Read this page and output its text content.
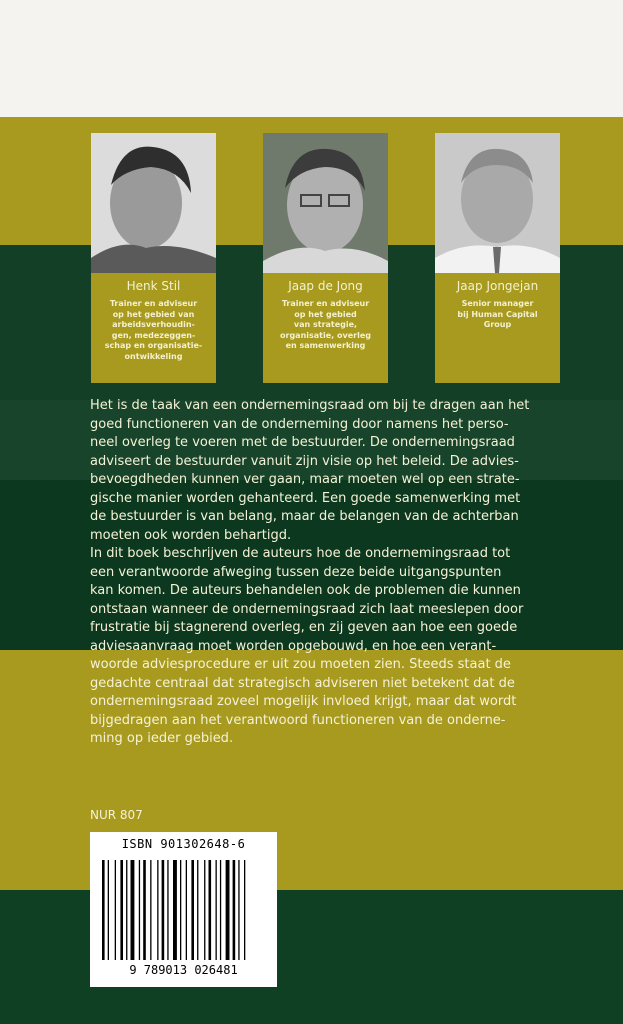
Henk Stil
Trainer en adviseur
op het gebied van
arbeidsverhoudin-
gen, medezeggen-
schap en organisatie-
ontwikkeling
Jaap de Jong
Trainer en adviseur
op het gebied
van strategie,
organisatie, overleg
en samenwerking
Jaap Jongejan
Senior manager
bij Human Capital
Group

Het is de taak van een ondernemingsraad om bij te dragen aan het

goed functioneren van de onderneming door namens het perso-

neel overleg te voeren met de bestuurder. De ondernemingsraad

adviseert de bestuurder vanuit zijn visie op het beleid. De advies-

bevoegdheden kunnen ver gaan, maar moeten wel op een strate-

gische manier worden gehanteerd. Een goede samenwerking met

de bestuurder is van belang, maar de belangen van de achterban

moeten ook worden behartigd.

In dit boek beschrijven de auteurs hoe de ondernemingsraad tot

een verantwoorde afweging tussen deze beide uitgangspunten

kan komen. De auteurs behandelen ook de problemen die kunnen

ontstaan wanneer de ondernemingsraad zich laat meeslepen door

frustratie bij stagnerend overleg, en zij geven aan hoe een goede

adviesaanvraag moet worden opgebouwd, en hoe een verant-

woorde adviesprocedure er uit zou moeten zien. Steeds staat de

gedachte centraal dat strategisch adviseren niet betekent dat de

ondernemingsraad zoveel mogelijk invloed krijgt, maar dat wordt

bijgedragen aan het verantwoord functioneren van de onderne-

ming op ieder gebied.

NUR 807
ISBN 901302648-6
9 789013 026481
